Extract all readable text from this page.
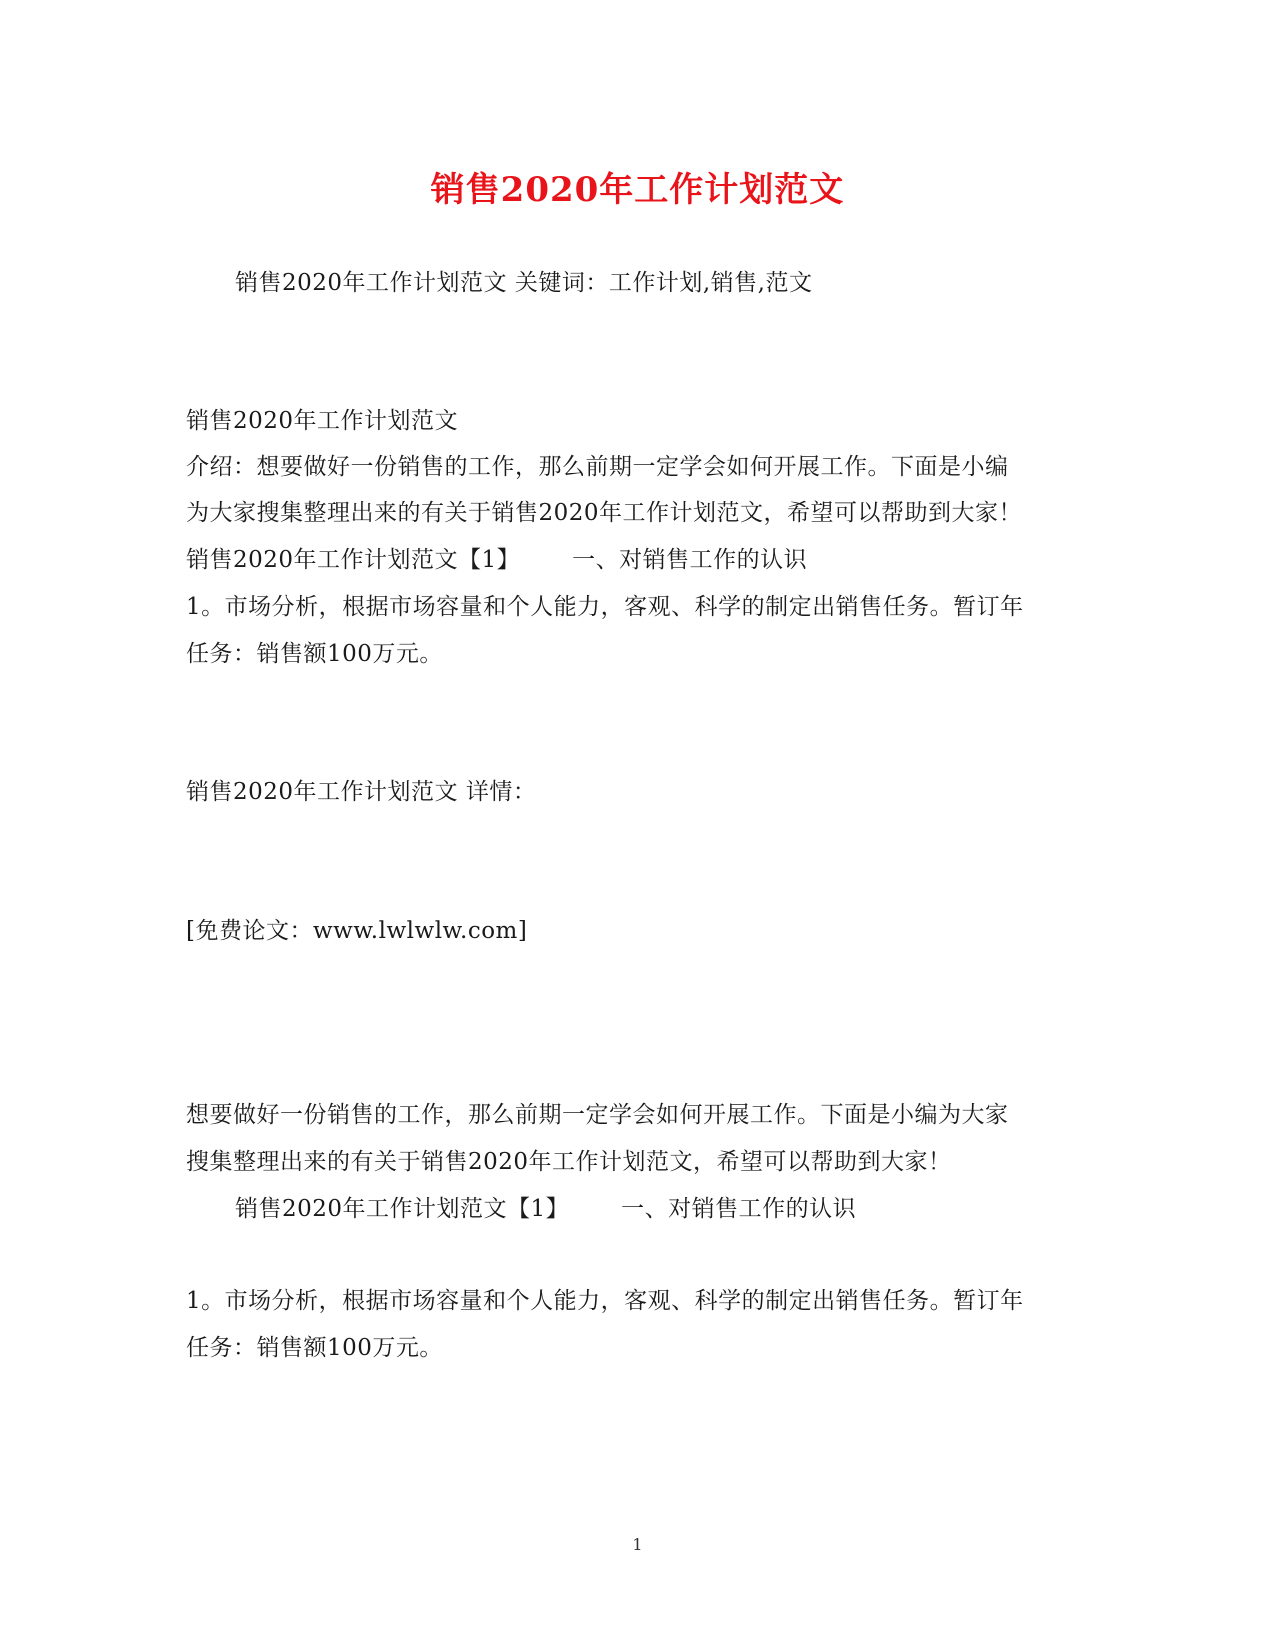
销售2020年工作计划范文
销售2020年工作计划范文 关键词：工作计划,销售,范文
销售2020年工作计划范文
介绍：想要做好一份销售的工作，那么前期一定学会如何开展工作。下面是小编
为大家搜集整理出来的有关于销售2020年工作计划范文，希望可以帮助到大家！
销售2020年工作计划范文【1】 一、对销售工作的认识
1。市场分析，根据市场容量和个人能力，客观、科学的制定出销售任务。暂订年
任务：销售额100万元。
销售2020年工作计划范文 详情：
[免费论文：www.lwlwlw.com]
想要做好一份销售的工作，那么前期一定学会如何开展工作。下面是小编为大家
搜集整理出来的有关于销售2020年工作计划范文，希望可以帮助到大家！
销售2020年工作计划范文【1】 一、对销售工作的认识
1。市场分析，根据市场容量和个人能力，客观、科学的制定出销售任务。暂订年
任务：销售额100万元。
1
